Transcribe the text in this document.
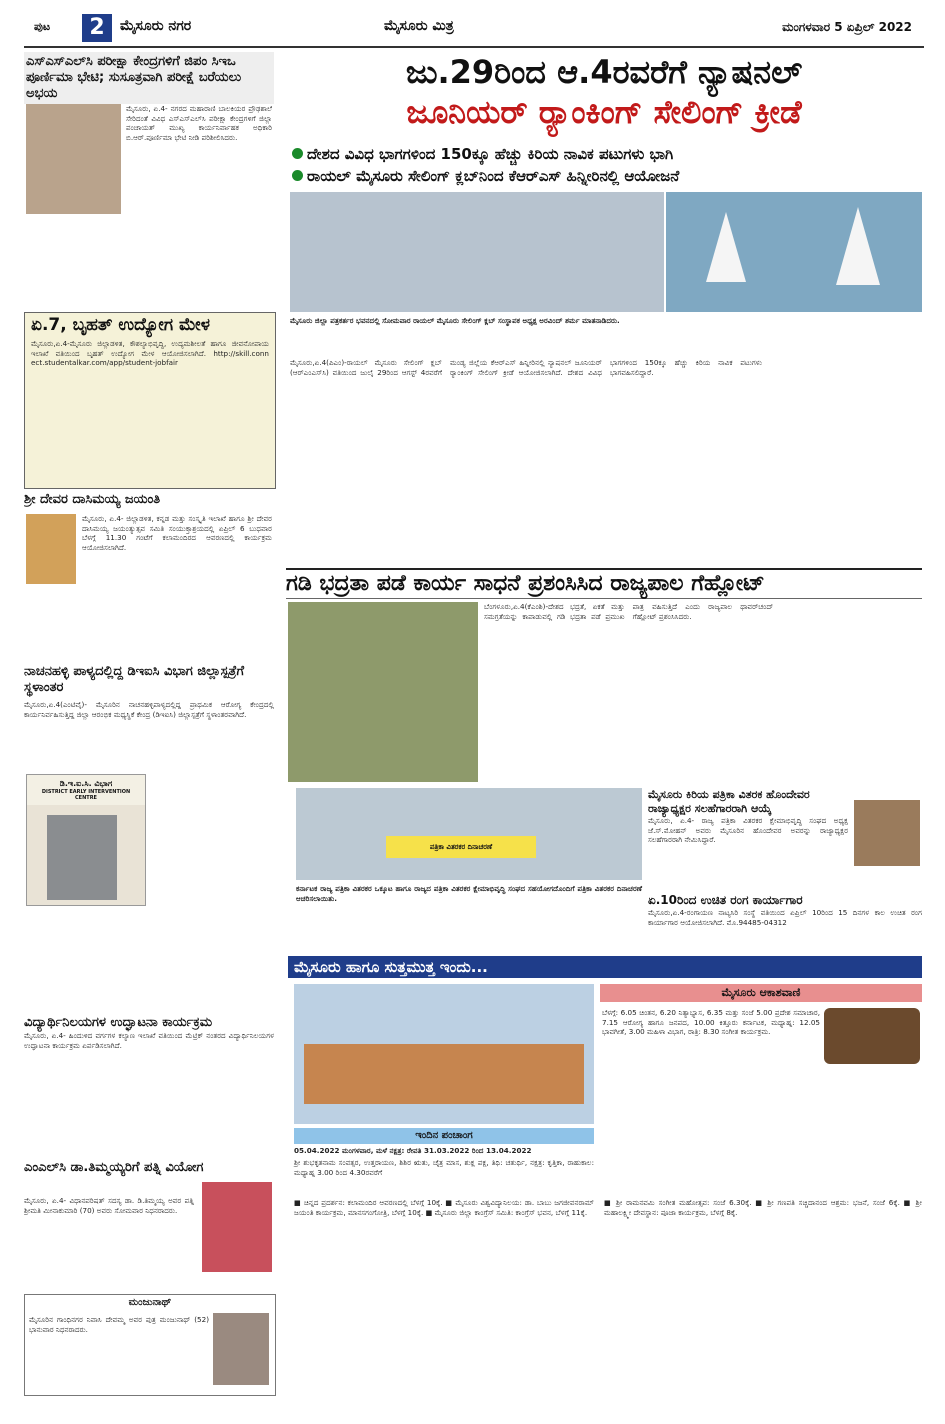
ಪುಟ	2	ಮೈಸೂರು ನಗರ	ಮೈಸೂರು ಮಿತ್ರ	ಮಂಗಳವಾರ 5 ಏಪ್ರಿಲ್ 2022

ಎಸ್‌ಎಸ್‌ಎಲ್‌ಸಿ ಪರೀಕ್ಷಾ ಕೇಂದ್ರಗಳಿಗೆ ಜಿಪಂ ಸಿಇಒ ಪೂರ್ಣಿಮಾ ಭೇಟಿ; ಸುಸೂತ್ರವಾಗಿ ಪರೀಕ್ಷೆ ಬರೆಯಲು ಅಭಯ

ಮೈಸೂರು, ಏ.4- ನಗರದ ಮಹಾರಾಣಿ ಬಾಲಕಿಯರ ಪ್ರೌಢಶಾಲೆ ಸೇರಿದಂತೆ ವಿವಿಧ ಎಸ್‌ಎಸ್‌ಎಲ್‌ಸಿ ಪರೀಕ್ಷಾ ಕೇಂದ್ರಗಳಿಗೆ ಜಿಲ್ಲಾ ಪಂಚಾಯತ್ ಮುಖ್ಯ ಕಾರ್ಯನಿರ್ವಾಹಕ ಅಧಿಕಾರಿ ಬಿ.ಆರ್.ಪೂರ್ಣಿಮಾ ಭೇಟಿ ನೀಡಿ ಪರಿಶೀಲಿಸಿದರು.

ಏ.7, ಬೃಹತ್ ಉದ್ಯೋಗ ಮೇಳ

ಮೈಸೂರು,ಏ.4-ಮೈಸೂರು ಜಿಲ್ಲಾಡಳಿತ, ಕೌಶಲ್ಯಾಭಿವೃದ್ಧಿ, ಉದ್ಯಮಶೀಲತೆ ಹಾಗೂ ಜೀವನೋಪಾಯ ಇಲಾಖೆ ವತಿಯಿಂದ ಬೃಹತ್ ಉದ್ಯೋಗ ಮೇಳ ಆಯೋಜಿಸಲಾಗಿದೆ. http://skill.conn ect.studentalkar.com/app/student-jobfair

ಶ್ರೀ ದೇವರ ದಾಸಿಮಯ್ಯ ಜಯಂತಿ

ಮೈಸೂರು, ಏ.4- ಜಿಲ್ಲಾಡಳಿತ, ಕನ್ನಡ ಮತ್ತು ಸಂಸ್ಕೃತಿ ಇಲಾಖೆ ಹಾಗೂ ಶ್ರೀ ದೇವರ ದಾಸಿಮಯ್ಯ ಜಯಂತ್ಯುತ್ಸವ ಸಮಿತಿ ಸಂಯುಕ್ತಾಶ್ರಯದಲ್ಲಿ ಏಪ್ರಿಲ್ 6 ಬುಧವಾರ ಬೆಳಗ್ಗೆ 11.30 ಗಂಟೆಗೆ ಕಲಾಮಂದಿರದ ಆವರಣದಲ್ಲಿ ಕಾರ್ಯಕ್ರಮ ಆಯೋಜಿಸಲಾಗಿದೆ.

ನಾಚನಹಳ್ಳಿ ಪಾಳ್ಯದಲ್ಲಿದ್ದ ಡಿಇಐಸಿ ವಿಭಾಗ ಜಿಲ್ಲಾಸ್ಪತ್ರೆಗೆ ಸ್ಥಳಾಂತರ

ಮೈಸೂರು,ಏ.4(ಎಂಟಿವೈ)- ಮೈಸೂರಿನ ನಾಚನಹಳ್ಳಿಪಾಳ್ಯದಲ್ಲಿದ್ದ ಪ್ರಾಥಮಿಕ ಆರೋಗ್ಯ ಕೇಂದ್ರದಲ್ಲಿ ಕಾರ್ಯನಿರ್ವಹಿಸುತ್ತಿದ್ದ ಜಿಲ್ಲಾ ಆರಂಭಿಕ ಮಧ್ಯಸ್ಥಿಕೆ ಕೇಂದ್ರ (ಡಿಇಐಸಿ) ಜಿಲ್ಲಾಸ್ಪತ್ರೆಗೆ ಸ್ಥಳಾಂತರವಾಗಿದೆ.

ಡಿ.ಇ.ಐ.ಸಿ. ವಿಭಾಗ
DISTRICT EARLY INTERVENTION CENTRE

ವಿದ್ಯಾರ್ಥಿನಿಲಯಗಳ ಉದ್ಘಾಟನಾ ಕಾರ್ಯಕ್ರಮ

ಮೈಸೂರು, ಏ.4- ಹಿಂದುಳಿದ ವರ್ಗಗಳ ಕಲ್ಯಾಣ ಇಲಾಖೆ ವತಿಯಿಂದ ಮೆಟ್ರಿಕ್ ನಂತರದ ವಿದ್ಯಾರ್ಥಿನಿಲಯಗಳ ಉದ್ಘಾಟನಾ ಕಾರ್ಯಕ್ರಮ ಏರ್ಪಡಿಸಲಾಗಿದೆ.

ಎಂಎಲ್‌ಸಿ ಡಾ.ತಿಮ್ಮಯ್ಯರಿಗೆ ಪತ್ನಿ ವಿಯೋಗ

ಮೈಸೂರು, ಏ.4- ವಿಧಾನಪರಿಷತ್ ಸದಸ್ಯ ಡಾ. ಡಿ.ತಿಮ್ಮಯ್ಯ ಅವರ ಪತ್ನಿ ಶ್ರೀಮತಿ ಮೀನಾಕುಮಾರಿ (70) ಅವರು ಸೋಮವಾರ ನಿಧನರಾದರು.

ಮಂಜುನಾಥ್

ಮೈಸೂರಿನ ಗಾಂಧಿನಗರ ನಿವಾಸಿ ದೇವಮ್ಮ ಅವರ ಪುತ್ರ ಮಂಜುನಾಥ್ (52) ಭಾನುವಾರ ನಿಧನರಾದರು.

ಜು.29ರಿಂದ ಆ.4ರವರೆಗೆ ನ್ಯಾಷನಲ್
ಜೂನಿಯರ್ ರ‍್ಯಾಂಕಿಂಗ್ ಸೇಲಿಂಗ್ ಕ್ರೀಡೆ
ದೇಶದ ವಿವಿಧ ಭಾಗಗಳಿಂದ 150ಕ್ಕೂ ಹೆಚ್ಚು ಕಿರಿಯ ನಾವಿಕ ಪಟುಗಳು ಭಾಗಿ
ರಾಯಲ್ ಮೈಸೂರು ಸೇಲಿಂಗ್ ಕ್ಲಬ್‌ನಿಂದ ಕೆಆರ್‌ಎಸ್ ಹಿನ್ನೀರಿನಲ್ಲಿ ಆಯೋಜನೆ

ಮೈಸೂರು ಜಿಲ್ಲಾ ಪತ್ರಕರ್ತರ ಭವನದಲ್ಲಿ ಸೋಮವಾರ ರಾಯಲ್ ಮೈಸೂರು ಸೇಲಿಂಗ್ ಕ್ಲಬ್ ಸಂಸ್ಥಾಪಕ ಅಧ್ಯಕ್ಷ ಅರವಿಂದ್ ಶರ್ಮ ಮಾತನಾಡಿದರು.

ಮೈಸೂರು,ಏ.4(ಪಿಎಂ)-ರಾಯಲ್ ಮೈಸೂರು ಸೇಲಿಂಗ್ ಕ್ಲಬ್ (ಆರ್‌ಎಂಎಸ್‌ಸಿ) ವತಿಯಿಂದ ಜುಲೈ 29ರಿಂದ ಆಗಸ್ಟ್ 4ರವರೆಗೆ ಮಂಡ್ಯ ಜಿಲ್ಲೆಯ ಕೆಆರ್‌ಎಸ್ ಹಿನ್ನೀರಿನಲ್ಲಿ ನ್ಯಾಷನಲ್ ಜೂನಿಯರ್ ರ‍್ಯಾಂಕಿಂಗ್ ಸೇಲಿಂಗ್ ಕ್ರೀಡೆ ಆಯೋಜಿಸಲಾಗಿದೆ. ದೇಶದ ವಿವಿಧ ಭಾಗಗಳಿಂದ 150ಕ್ಕೂ ಹೆಚ್ಚು ಕಿರಿಯ ನಾವಿಕ ಪಟುಗಳು ಭಾಗವಹಿಸಲಿದ್ದಾರೆ.

ಗಡಿ ಭದ್ರತಾ ಪಡೆ ಕಾರ್ಯ ಸಾಧನೆ ಪ್ರಶಂಸಿಸಿದ ರಾಜ್ಯಪಾಲ ಗೆಹ್ಲೋಟ್

ಬೆಂಗಳೂರು,ಏ.4(ಕೆಎಂಶಿ)-ದೇಶದ ಭದ್ರತೆ, ಏಕತೆ ಮತ್ತು ಸಮಗ್ರತೆಯನ್ನು ಕಾಪಾಡುವಲ್ಲಿ ಗಡಿ ಭದ್ರತಾ ಪಡೆ ಪ್ರಮುಖ ಪಾತ್ರ ವಹಿಸುತ್ತಿದೆ ಎಂದು ರಾಜ್ಯಪಾಲ ಥಾವರ್‌ಚಂದ್ ಗೆಹ್ಲೋಟ್ ಪ್ರಶಂಸಿಸಿದರು.

ಪತ್ರಿಕಾ ವಿತರಕರ ದಿನಾಚರಣೆ

ಕರ್ನಾಟಕ ರಾಜ್ಯ ಪತ್ರಿಕಾ ವಿತರಕರ ಒಕ್ಕೂಟ ಹಾಗೂ ರಾಜ್ಯದ ಪತ್ರಿಕಾ ವಿತರಕರ ಕ್ಷೇಮಾಭಿವೃದ್ಧಿ ಸಂಘದ ಸಹಯೋಗದೊಂದಿಗೆ ಪತ್ರಿಕಾ ವಿತರಕರ ದಿನಾಚರಣೆ ಆಚರಿಸಲಾಯಿತು.

ಮೈಸೂರು ಕಿರಿಯ ಪತ್ರಿಕಾ ವಿತರಕ ಹೊಂದೇವರ ರಾಜ್ಯಾಧ್ಯಕ್ಷರ ಸಲಹೆಗಾರರಾಗಿ ಆಯ್ಕೆ

ಮೈಸೂರು, ಏ.4- ರಾಜ್ಯ ಪತ್ರಿಕಾ ವಿತರಕರ ಕ್ಷೇಮಾಭಿವೃದ್ಧಿ ಸಂಘದ ಅಧ್ಯಕ್ಷ ಜೆ.ಸ್‌.ಮೋಹನ್ ಅವರು ಮೈಸೂರಿನ ಹೊಂದೇವರ ಅವರನ್ನು ರಾಜ್ಯಾಧ್ಯಕ್ಷರ ಸಲಹೆಗಾರರಾಗಿ ನೇಮಿಸಿದ್ದಾರೆ.

ಏ.10ರಿಂದ ಉಚಿತ ರಂಗ ಕಾರ್ಯಾಗಾರ

ಮೈಸೂರು,ಏ.4-ರಂಗಾಯಣ ನಾಟ್ಯಸಿರಿ ಸಂಸ್ಥೆ ವತಿಯಿಂದ ಏಪ್ರಿಲ್ 10ರಿಂದ 15 ದಿನಗಳ ಕಾಲ ಉಚಿತ ರಂಗ ಕಾರ್ಯಾಗಾರ ಆಯೋಜಿಸಲಾಗಿದೆ. ಮೊ.94485-04312

ಮೈಸೂರು ಹಾಗೂ ಸುತ್ತಮುತ್ತ ಇಂದು...
ಇಂದಿನ ಪಂಚಾಂಗ

05.04.2022 ಮಂಗಳವಾರ, ಮಳೆ ನಕ್ಷತ್ರ: ರೇವತಿ 31.03.2022 ರಿಂದ 13.04.2022

ಶ್ರೀ ಶುಭಕೃತನಾಮ ಸಂವತ್ಸರ, ಉತ್ತರಾಯಣ, ಶಿಶಿರ ಋತು, ಚೈತ್ರ ಮಾಸ, ಶುಕ್ಲ ಪಕ್ಷ, ತಿಥಿ: ಚತುರ್ಥಿ, ನಕ್ಷತ್ರ: ಕೃತ್ತಿಕಾ, ರಾಹುಕಾಲ: ಮಧ್ಯಾಹ್ನ 3.00 ರಿಂದ 4.30ರವರೆಗೆ

ಮೈಸೂರು ಆಕಾಶವಾಣಿ

ಬೆಳಗ್ಗೆ: 6.05 ಚಿಂತನ, 6.20 ನಿತ್ಯಾಭ್ಯಾಸ, 6.35 ಮತ್ತು ಸಂಜೆ 5.00 ಪ್ರದೇಶ ಸಮಾಚಾರ, 7.15 ಆರೋಗ್ಯ ಹಾಗೂ ಜನಪದ, 10.00 ಕಿತ್ತೂರು ಕರ್ನಾಟಕ, ಮಧ್ಯಾಹ್ನ: 12.05 ಭಾವಗೀತೆ, 3.00 ಮಹಿಳಾ ವಿಭಾಗ, ರಾತ್ರಿ: 8.30 ಸಂಗೀತ ಕಾರ್ಯಕ್ರಮ.

■ ಚಿನ್ನದ ಪ್ರದರ್ಶನ: ಕಲಾಮಂದಿರ ಆವರಣದಲ್ಲಿ ಬೆಳಗ್ಗೆ 10ಕ್ಕೆ. ■ ಮೈಸೂರು ವಿಶ್ವವಿದ್ಯಾನಿಲಯ: ಡಾ. ಬಾಬು ಜಗಜೀವನರಾಮ್ ಜಯಂತಿ ಕಾರ್ಯಕ್ರಮ, ಮಾನಸಗಂಗೋತ್ರಿ, ಬೆಳಗ್ಗೆ 10ಕ್ಕೆ. ■ ಮೈಸೂರು ಜಿಲ್ಲಾ ಕಾಂಗ್ರೆಸ್ ಸಮಿತಿ: ಕಾಂಗ್ರೆಸ್ ಭವನ, ಬೆಳಗ್ಗೆ 11ಕ್ಕೆ.

■ ಶ್ರೀ ರಾಮನವಮಿ ಸಂಗೀತ ಮಹೋತ್ಸವ: ಸಂಜೆ 6.30ಕ್ಕೆ. ■ ಶ್ರೀ ಗಣಪತಿ ಸಚ್ಚಿದಾನಂದ ಆಶ್ರಮ: ಭಜನೆ, ಸಂಜೆ 6ಕ್ಕೆ. ■ ಶ್ರೀ ಮಹಾಲಕ್ಷ್ಮೀ ದೇವಸ್ಥಾನ: ಪೂಜಾ ಕಾರ್ಯಕ್ರಮ, ಬೆಳಗ್ಗೆ 8ಕ್ಕೆ.
